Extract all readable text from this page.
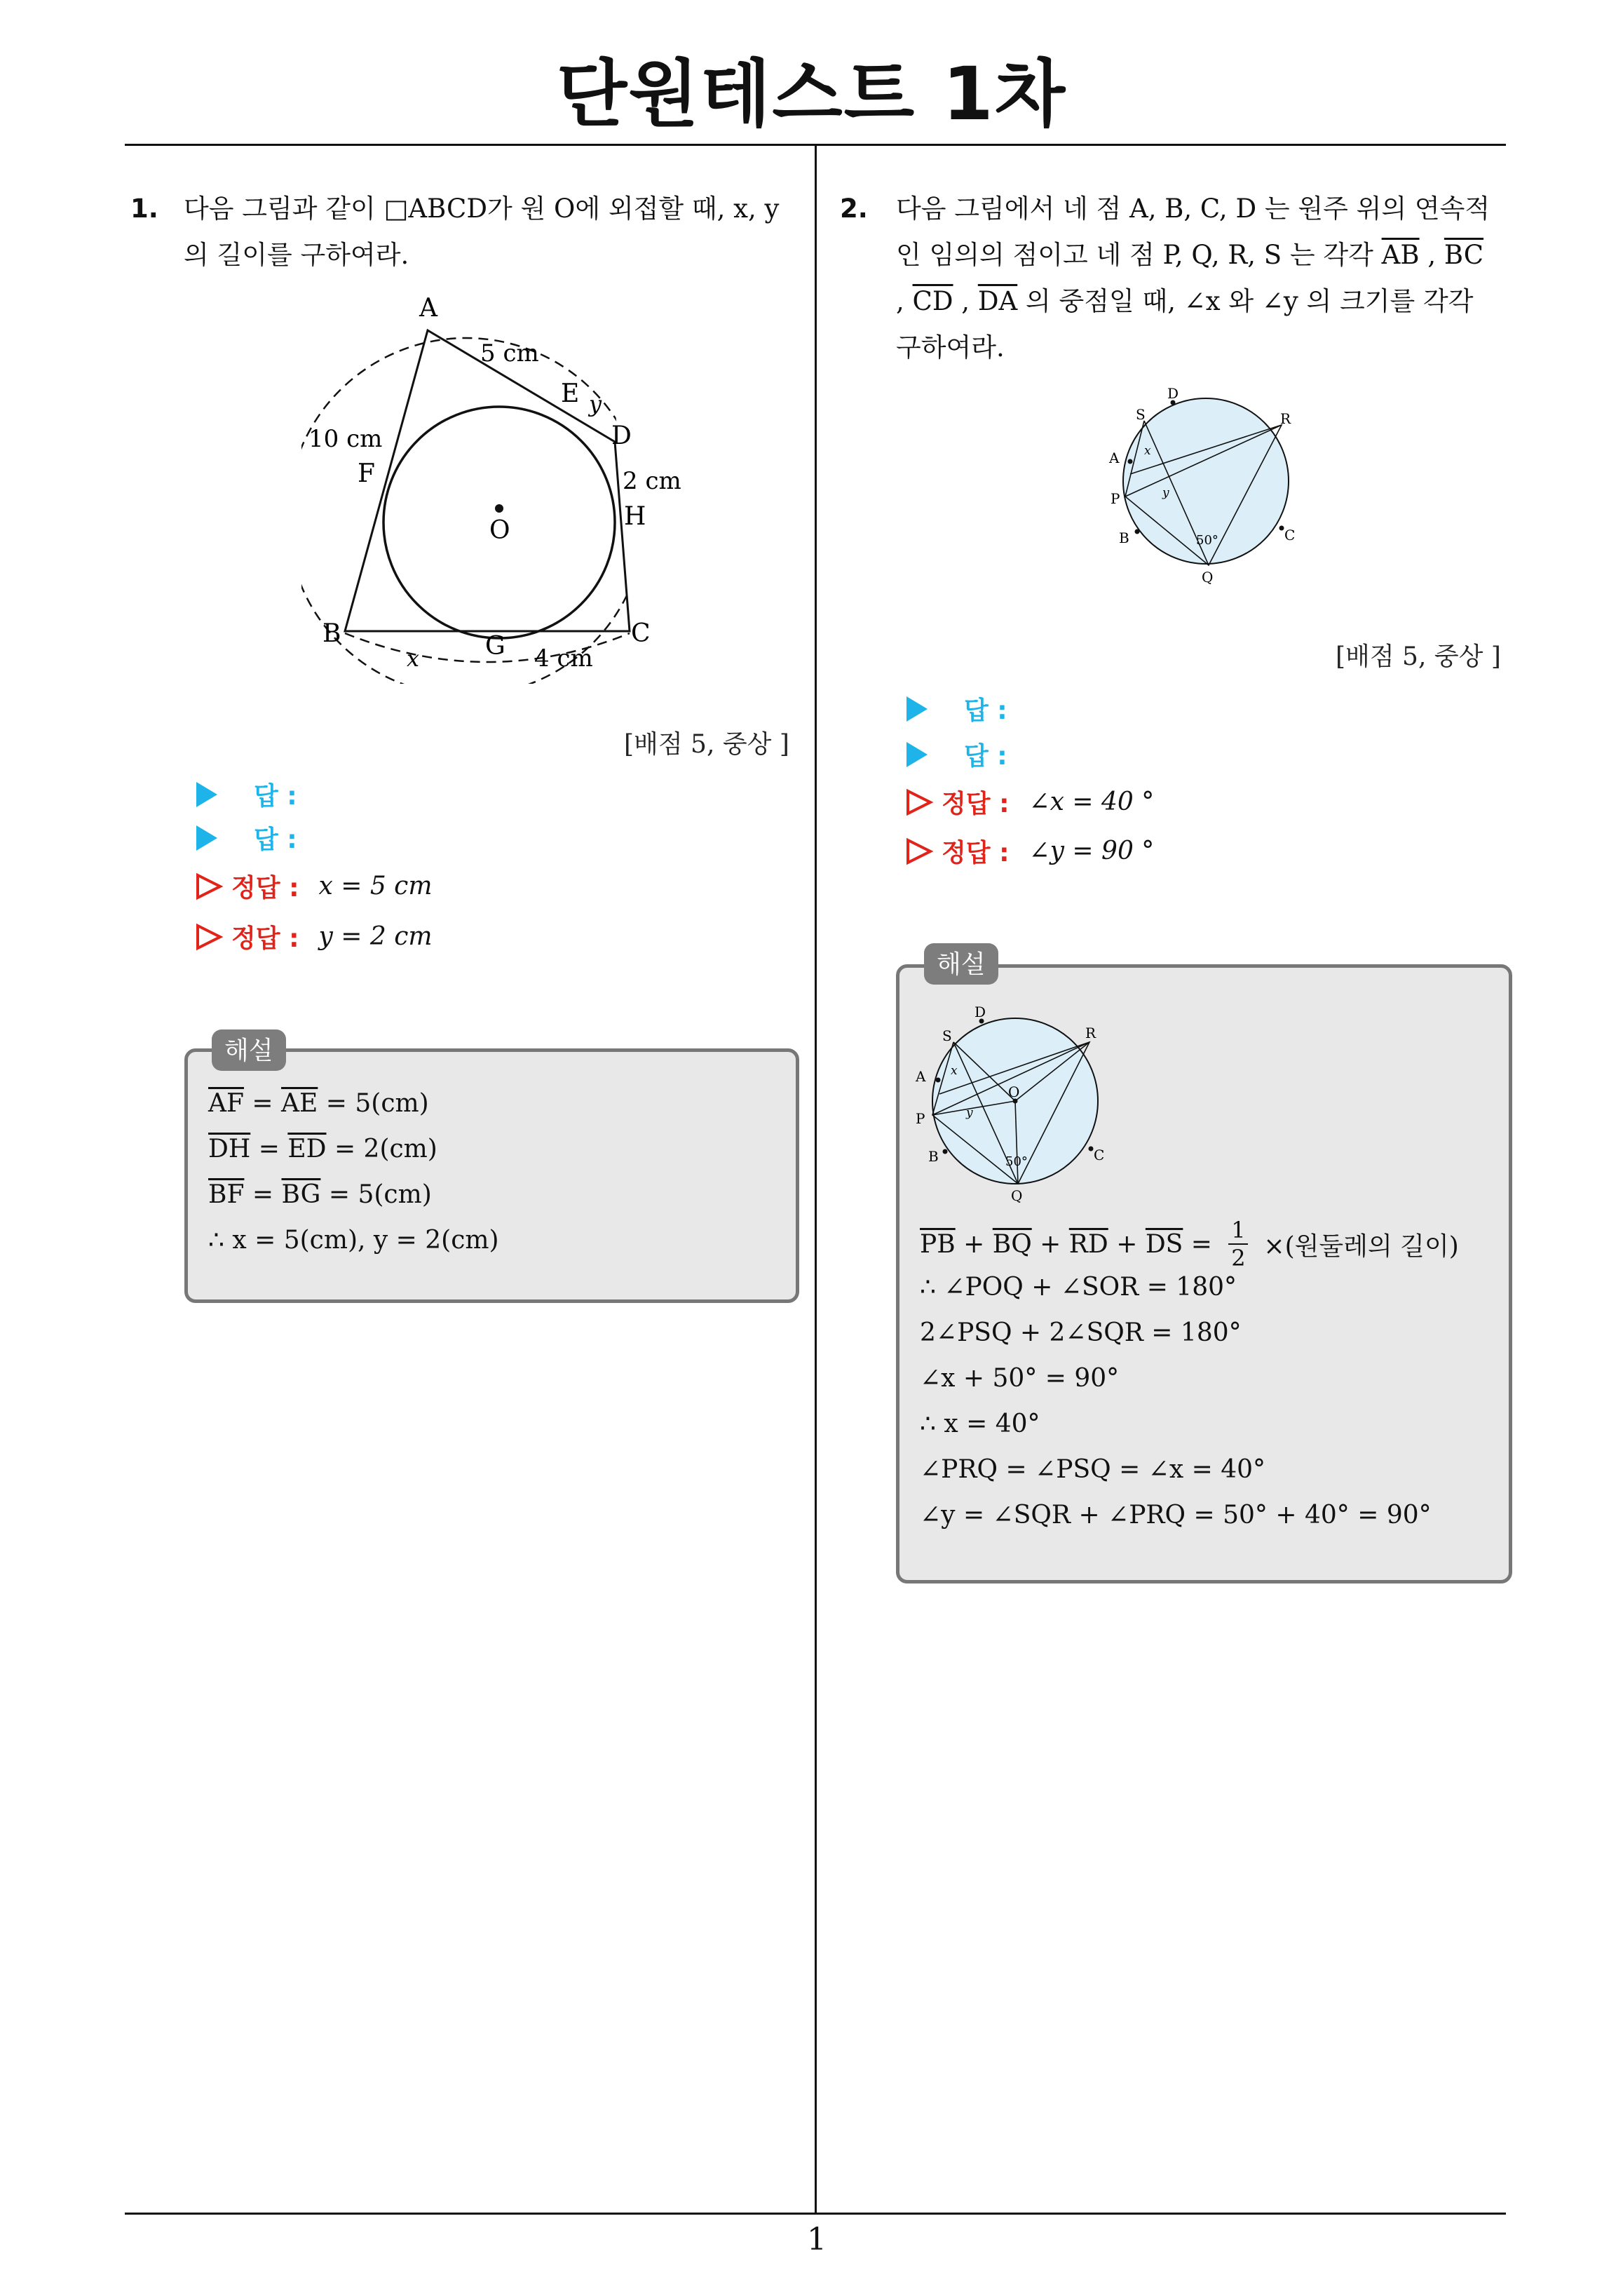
단원테스트 1차
1
1. 다음 그림과 같이 □ABCD가 원 O에 외접할 때, x, y
의 길이를 구하여라.
A
B	C
D
E
F
G
H
O
5 cm
10 cm
2 cm
4 cm
x
y
[배점 5, 중상 ]
답 :
답 :
정답 : x = 5 cm
정답 : y = 2 cm
해설
$\overline{AF} = \overline{AE} = 5(cm)$
$\overline{DH} = \overline{ED} = 2(cm)$
$\overline{BF} = \overline{BG} = 5(cm)$
∴ x = 5(cm), y = 2(cm)
2. 다음 그림에서 네 점 A, B, C, D 는 원주 위의 연속적
인 임의의 점이고 네 점 P, Q, R, S 는 각각 $\overline{AB}$ , $\overline{BC}$
, $\overline{CD}$ , $\overline{DA}$ 의 중점일 때, ∠x 와 ∠y 의 크기를 각각
구하여라.
D
S
A
P
B
Q
C
R
x
y
50°
[배점 5, 중상 ]
답 :
답 :
정답 : ∠x = 40 °
정답 : ∠y = 90 °
해설
D
S
A
P
B
Q
C
R
O
x
y
50°
$\overline{PB} + \overline{BQ} + \overline{RD} + \overline{DS} = 1$
2 ×(원둘레의 길이)
∴ ∠POQ + ∠SOR = 180°
2∠PSQ + 2∠SQR = 180°
∠x + 50° = 90°
∴ x = 40°
∠PRQ = ∠PSQ = ∠x = 40°
∠y = ∠SQR + ∠PRQ = 50° + 40° = 90°
